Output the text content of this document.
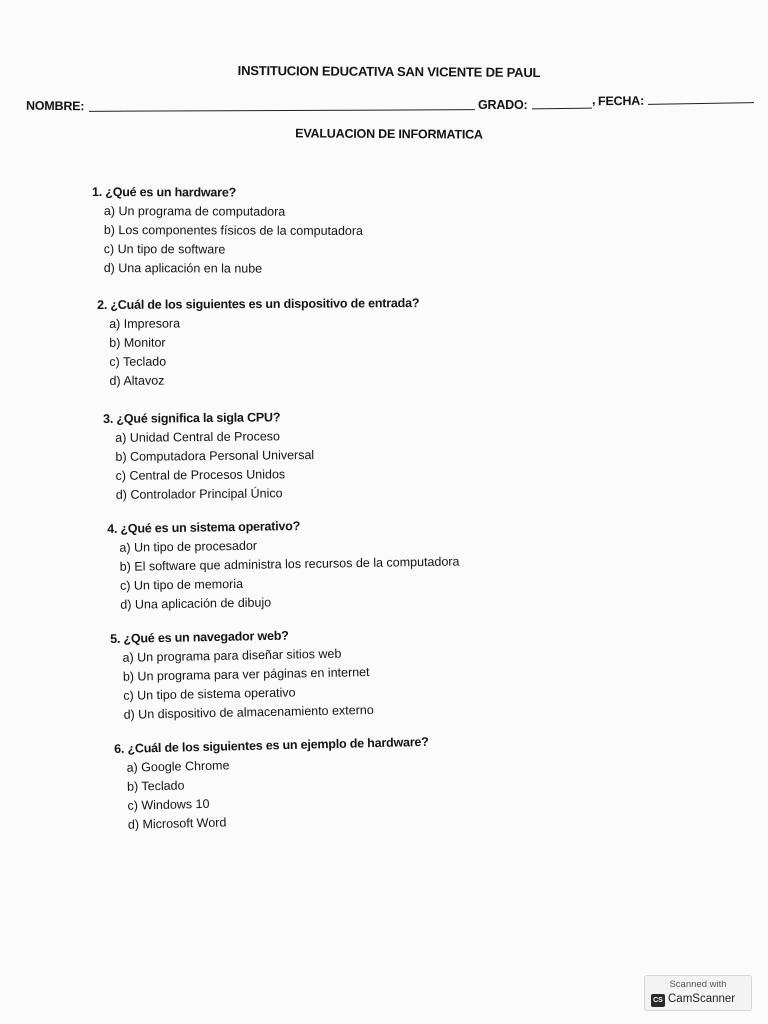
INSTITUCION EDUCATIVA SAN VICENTE DE PAUL
NOMBRE:	GRADO:	, FECHA:
EVALUACION DE INFORMATICA
1. ¿Qué es un hardware?
a) Un programa de computadora
b) Los componentes físicos de la computadora
c) Un tipo de software
d) Una aplicación en la nube
2. ¿Cuál de los siguientes es un dispositivo de entrada?
a) Impresora
b) Monitor
c) Teclado
d) Altavoz
3. ¿Qué significa la sigla CPU?
a) Unidad Central de Proceso
b) Computadora Personal Universal
c) Central de Procesos Unidos
d) Controlador Principal Único
4. ¿Qué es un sistema operativo?
a) Un tipo de procesador
b) El software que administra los recursos de la computadora
c) Un tipo de memoria
d) Una aplicación de dibujo
5. ¿Qué es un navegador web?
a) Un programa para diseñar sitios web
b) Un programa para ver páginas en internet
c) Un tipo de sistema operativo
d) Un dispositivo de almacenamiento externo
6. ¿Cuál de los siguientes es un ejemplo de hardware?
a) Google Chrome
b) Teclado
c) Windows 10
d) Microsoft Word
Scanned with
CS CamScanner
